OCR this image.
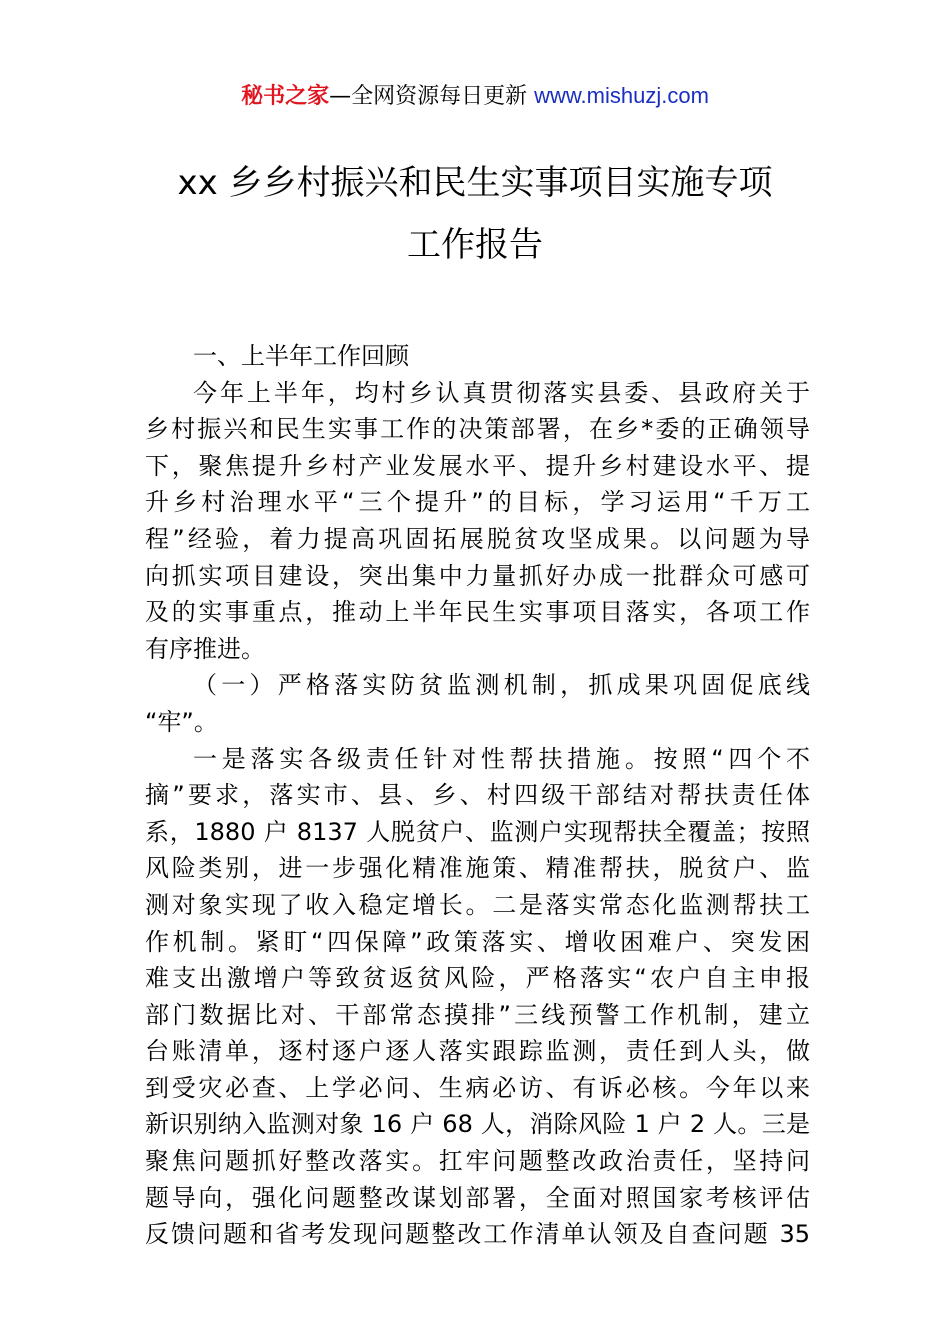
秘书之家—全网资源每日更新 www.mishuzj.com
xx 乡乡村振兴和民生实事项目实施专项
工作报告
一、上半年工作回顾
今年上半年，均村乡认真贯彻落实县委、县政府关于
乡村振兴和民生实事工作的决策部署，在乡*委的正确领导
下，聚焦提升乡村产业发展水平、提升乡村建设水平、提
升乡村治理水平“三个提升”的目标，学习运用“千万工
程”经验，着力提高巩固拓展脱贫攻坚成果。以问题为导
向抓实项目建设，突出集中力量抓好办成一批群众可感可
及的实事重点，推动上半年民生实事项目落实，各项工作
有序推进。
（一）严格落实防贫监测机制，抓成果巩固促底线
“牢”。
一是落实各级责任针对性帮扶措施。按照“四个不
摘”要求，落实市、县、乡、村四级干部结对帮扶责任体
系，1880 户 8137 人脱贫户、监测户实现帮扶全覆盖；按照
风险类别，进一步强化精准施策、精准帮扶，脱贫户、监
测对象实现了收入稳定增长。二是落实常态化监测帮扶工
作机制。紧盯“四保障”政策落实、增收困难户、突发困
难支出激增户等致贫返贫风险，严格落实“农户自主申报
部门数据比对、干部常态摸排”三线预警工作机制，建立
台账清单，逐村逐户逐人落实跟踪监测，责任到人头，做
到受灾必查、上学必问、生病必访、有诉必核。今年以来
新识别纳入监测对象 16 户 68 人，消除风险 1 户 2 人。三是
聚焦问题抓好整改落实。扛牢问题整改政治责任，坚持问
题导向，强化问题整改谋划部署，全面对照国家考核评估
反馈问题和省考发现问题整改工作清单认领及自查问题 35
